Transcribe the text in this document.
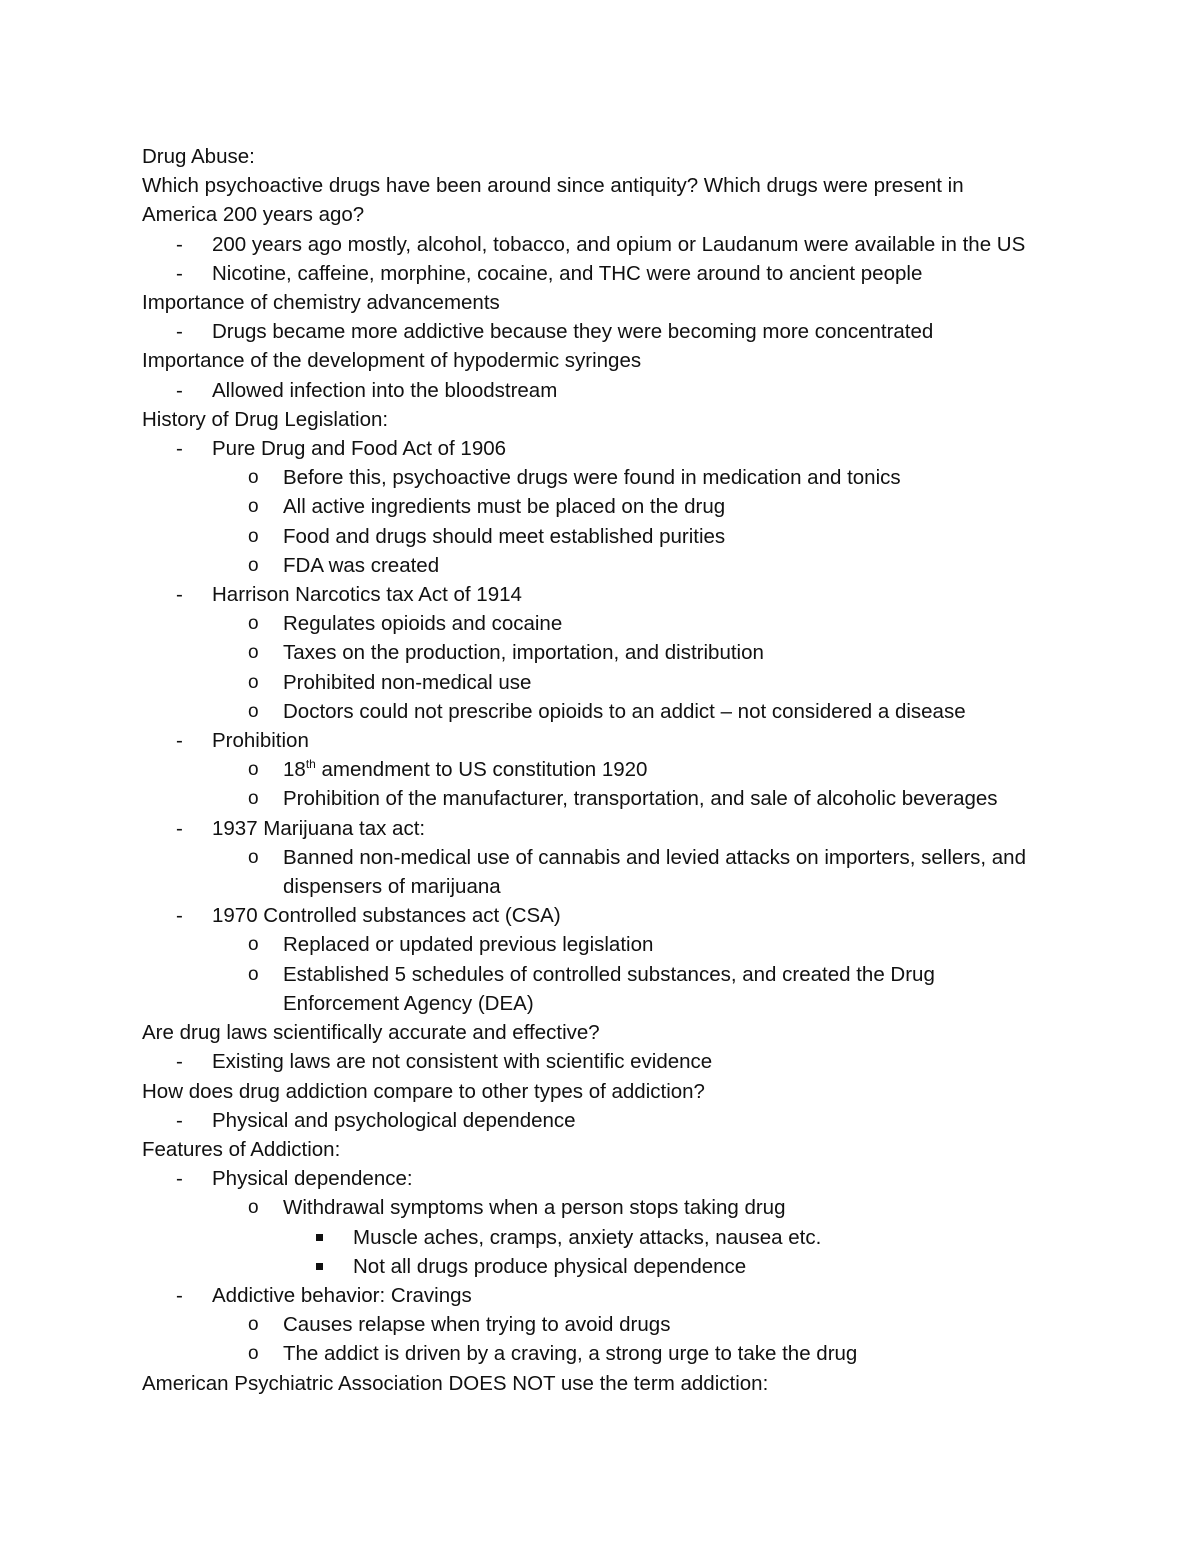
Drug Abuse:
Which psychoactive drugs have been around since antiquity? Which drugs were present in
America 200 years ago?
- 200 years ago mostly, alcohol, tobacco, and opium or Laudanum were available in the US
- Nicotine, caffeine, morphine, cocaine, and THC were around to ancient people
Importance of chemistry advancements
- Drugs became more addictive because they were becoming more concentrated
Importance of the development of hypodermic syringes
- Allowed infection into the bloodstream
History of Drug Legislation:
- Pure Drug and Food Act of 1906
o Before this, psychoactive drugs were found in medication and tonics
o All active ingredients must be placed on the drug
o Food and drugs should meet established purities
o FDA was created
- Harrison Narcotics tax Act of 1914
o Regulates opioids and cocaine
o Taxes on the production, importation, and distribution
o Prohibited non-medical use
o Doctors could not prescribe opioids to an addict – not considered a disease
- Prohibition
o 18th amendment to US constitution 1920
o Prohibition of the manufacturer, transportation, and sale of alcoholic beverages
- 1937 Marijuana tax act:
o Banned non-medical use of cannabis and levied attacks on importers, sellers, and
dispensers of marijuana
- 1970 Controlled substances act (CSA)
o Replaced or updated previous legislation
o Established 5 schedules of controlled substances, and created the Drug
Enforcement Agency (DEA)
Are drug laws scientifically accurate and effective?
- Existing laws are not consistent with scientific evidence
How does drug addiction compare to other types of addiction?
- Physical and psychological dependence
Features of Addiction:
- Physical dependence:
o Withdrawal symptoms when a person stops taking drug
Muscle aches, cramps, anxiety attacks, nausea etc.
Not all drugs produce physical dependence
- Addictive behavior: Cravings
o Causes relapse when trying to avoid drugs
o The addict is driven by a craving, a strong urge to take the drug
American Psychiatric Association DOES NOT use the term addiction:
